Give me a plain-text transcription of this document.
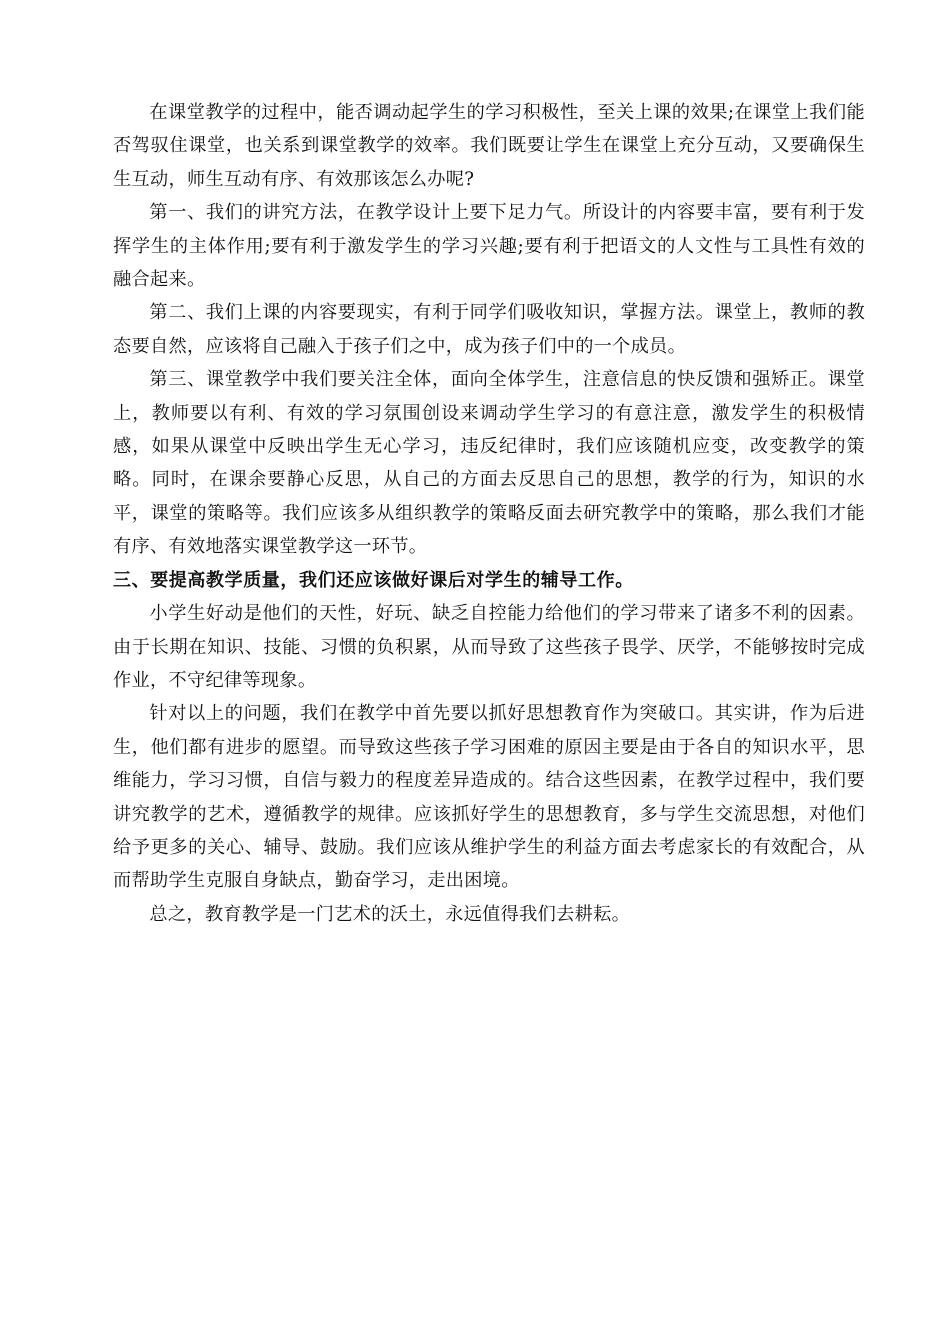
在课堂教学的过程中，能否调动起学生的学习积极性，至关上课的效果;在课堂上我们能否驾驭住课堂，也关系到课堂教学的效率。我们既要让学生在课堂上充分互动，又要确保生生互动，师生互动有序、有效那该怎么办呢?

第一、我们的讲究方法，在教学设计上要下足力气。所设计的内容要丰富，要有利于发挥学生的主体作用;要有利于激发学生的学习兴趣;要有利于把语文的人文性与工具性有效的融合起来。

第二、我们上课的内容要现实，有利于同学们吸收知识，掌握方法。课堂上，教师的教态要自然，应该将自己融入于孩子们之中，成为孩子们中的一个成员。

第三、课堂教学中我们要关注全体，面向全体学生，注意信息的快反馈和强矫正。课堂上，教师要以有利、有效的学习氛围创设来调动学生学习的有意注意，激发学生的积极情感，如果从课堂中反映出学生无心学习，违反纪律时，我们应该随机应变，改变教学的策略。同时，在课余要静心反思，从自己的方面去反思自己的思想，教学的行为，知识的水平，课堂的策略等。我们应该多从组织教学的策略反面去研究教学中的策略，那么我们才能有序、有效地落实课堂教学这一环节。

三、要提高教学质量，我们还应该做好课后对学生的辅导工作。

小学生好动是他们的天性，好玩、缺乏自控能力给他们的学习带来了诸多不利的因素。由于长期在知识、技能、习惯的负积累，从而导致了这些孩子畏学、厌学，不能够按时完成作业，不守纪律等现象。

针对以上的问题，我们在教学中首先要以抓好思想教育作为突破口。其实讲，作为后进生，他们都有进步的愿望。而导致这些孩子学习困难的原因主要是由于各自的知识水平，思维能力，学习习惯，自信与毅力的程度差异造成的。结合这些因素，在教学过程中，我们要讲究教学的艺术，遵循教学的规律。应该抓好学生的思想教育，多与学生交流思想，对他们给予更多的关心、辅导、鼓励。我们应该从维护学生的利益方面去考虑家长的有效配合，从而帮助学生克服自身缺点，勤奋学习，走出困境。

总之，教育教学是一门艺术的沃土，永远值得我们去耕耘。
